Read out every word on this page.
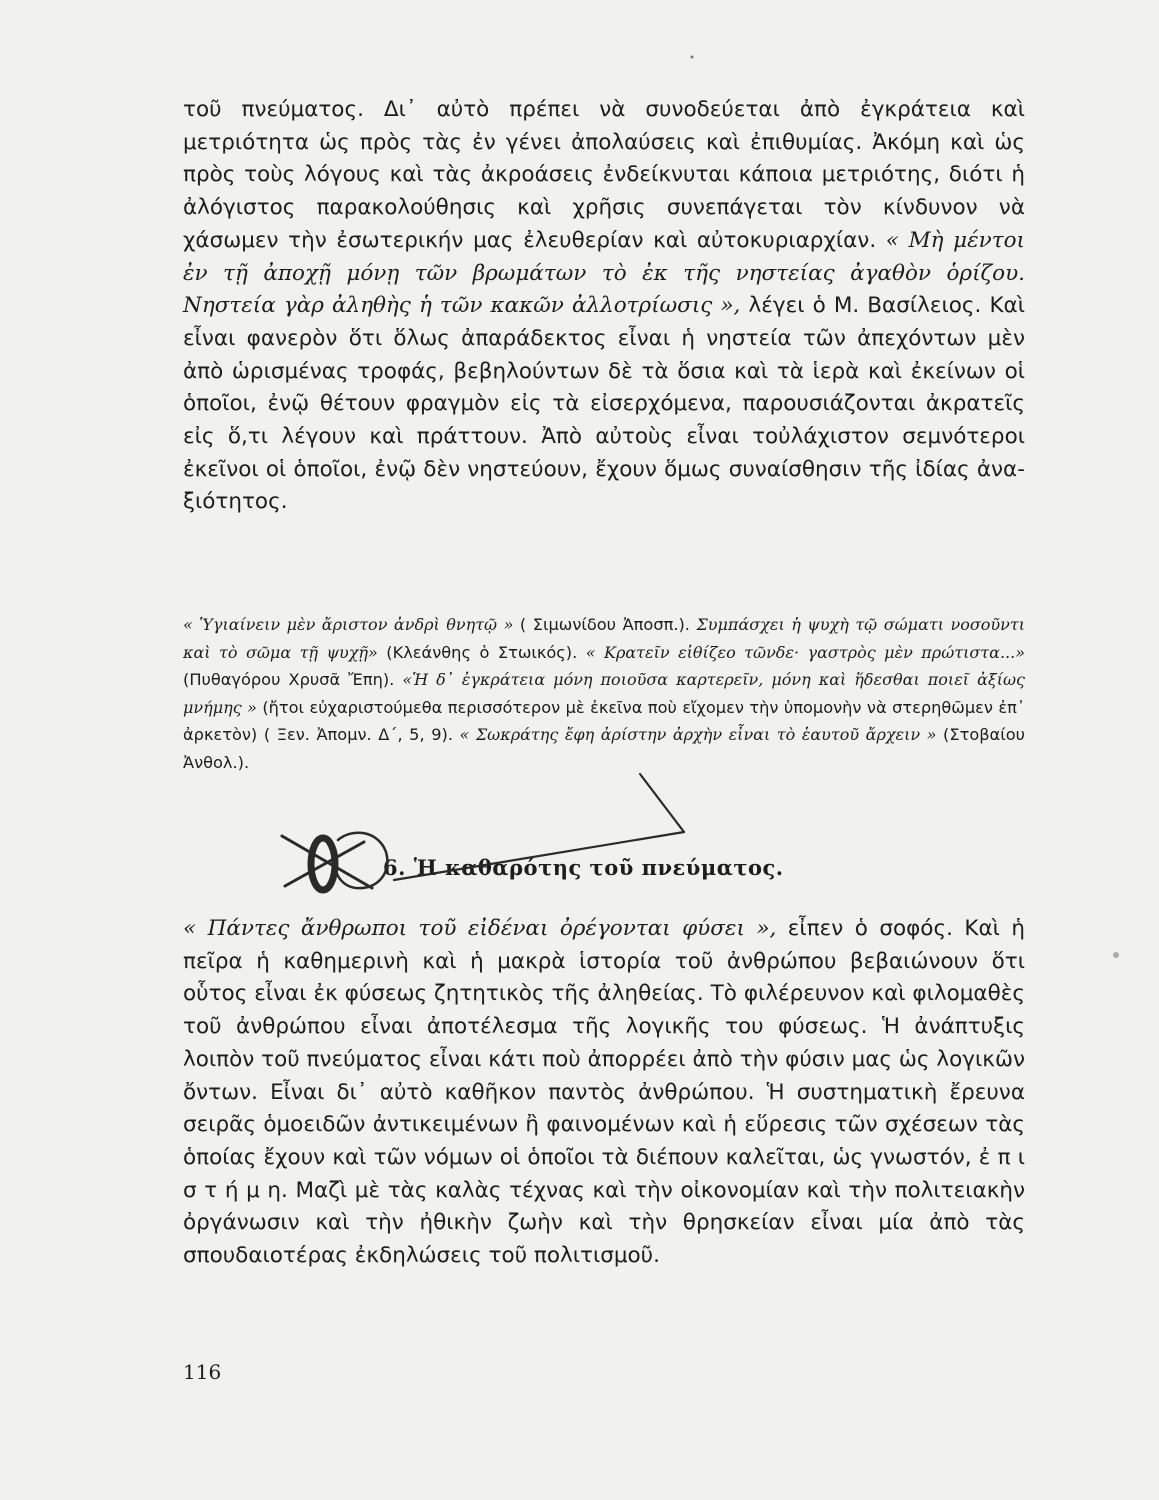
τοῦ πνεύματος. Δι᾽ αὐτὸ πρέπει νὰ συνοδεύεται ἀπὸ ἐγκράτεια καὶ μετριότητα ὡς πρὸς τὰς ἐν γένει ἀπολαύσεις καὶ ἐπιθυμίας. Ἀκόμη καὶ ὡς πρὸς τοὺς λόγους καὶ τὰς ἀκροάσεις ἐνδείκνυται κάποια μετριότης, διότι ἡ ἀλόγιστος παρακολούθησις καὶ χρῆσις συνεπάγεται τὸν κίνδυνον νὰ χάσωμεν τὴν ἐσωτερικήν μας ἐλευθερίαν καὶ αὐτοκυριαρχίαν. « Μὴ μέντοι ἐν τῇ ἀποχῇ μόνῃ τῶν βρωμάτων τὸ ἐκ τῆς νηστείας ἀγαθὸν ὁρίζου. Νηστεία γὰρ ἀληθὴς ἡ τῶν κακῶν ἀλλοτρίωσις », λέγει ὁ Μ. Βασίλειος. Καὶ εἶναι φανερὸν ὅτι ὅλως ἀπαράδεκτος εἶναι ἡ νηστεία τῶν ἀπεχόντων μὲν ἀπὸ ὡρισμένας τροφάς, βεβηλούντων δὲ τὰ ὅσια καὶ τὰ ἱερὰ καὶ ἐκείνων οἱ ὁποῖοι, ἐνῷ θέτουν φραγμὸν εἰς τὰ εἰσερχόμενα, παρουσιάζονται ἀκρατεῖς εἰς ὅ,τι λέγουν καὶ πράττουν. Ἀπὸ αὐτοὺς εἶναι τοὐλάχιστον σεμνότεροι ἐκεῖνοι οἱ ὁποῖοι, ἐνῷ δὲν νηστεύουν, ἔχουν ὅμως συναίσθησιν τῆς ἰδίας ἀναξιότητος.

« Ὑγιαίνειν μὲν ἄριστον ἀνδρὶ θνητῷ » ( Σιμωνίδου Ἀποσπ.). Συμπάσχει ἡ ψυχὴ τῷ σώματι νοσοῦντι καὶ τὸ σῶμα τῇ ψυχῇ» (Κλεάνθης ὁ Στωικός). « Κρατεῖν εἰθίζεο τῶνδε· γαστρὸς μὲν πρώτιστα...» (Πυθαγόρου Χρυσᾶ Ἔπη). «Ἡ δ᾽ ἐγκράτεια μόνη ποιοῦσα καρτερεῖν, μόνη καὶ ἥδεσθαι ποιεῖ ἀξίως μνήμης » (ἤτοι εὐχαριστούμεθα περισσότερον μὲ ἐκεῖνα ποὺ εἴχομεν τὴν ὑπομονὴν νὰ στερηθῶμεν ἐπ᾽ ἀρκετὸν) ( Ξεν. Ἀπομν. Δ΄, 5, 9). « Σωκράτης ἔφη ἀρίστην ἀρχὴν εἶναι τὸ ἑαυτοῦ ἄρχειν » (Στοβαίου Ἀνθολ.).

6. Ἡ καθαρότης τοῦ πνεύματος.

« Πάντες ἄνθρωποι τοῦ εἰδέναι ὀρέγονται φύσει », εἶπεν ὁ σοφός. Καὶ ἡ πεῖρα ἡ καθημερινὴ καὶ ἡ μακρὰ ἱστορία τοῦ ἀνθρώπου βεβαιώνουν ὅτι οὗτος εἶναι ἐκ φύσεως ζητητικὸς τῆς ἀληθείας. Τὸ φιλέρευνον καὶ φιλομαθὲς τοῦ ἀνθρώπου εἶναι ἀποτέλεσμα τῆς λογικῆς του φύσεως. Ἡ ἀνάπτυξις λοιπὸν τοῦ πνεύματος εἶναι κάτι ποὺ ἀπορρέει ἀπὸ τὴν φύσιν μας ὡς λογικῶν ὄντων. Εἶναι δι᾽ αὐτὸ καθῆκον παντὸς ἀνθρώπου. Ἡ συστηματικὴ ἔρευνα σειρᾶς ὁμοειδῶν ἀντικειμένων ἢ φαινομένων καὶ ἡ εὕρεσις τῶν σχέσεων τὰς ὁποίας ἔχουν καὶ τῶν νόμων οἱ ὁποῖοι τὰ διέπουν καλεῖται, ὡς γνωστόν, ἐ π ι σ τ ή μ η. Μαζὶ μὲ τὰς καλὰς τέχνας καὶ τὴν οἰκονομίαν καὶ τὴν πολιτειακὴν ὀργάνωσιν καὶ τὴν ἠθικὴν ζωὴν καὶ τὴν θρησκείαν εἶναι μία ἀπὸ τὰς σπουδαιοτέρας ἐκδηλώσεις τοῦ πολιτισμοῦ.

116
